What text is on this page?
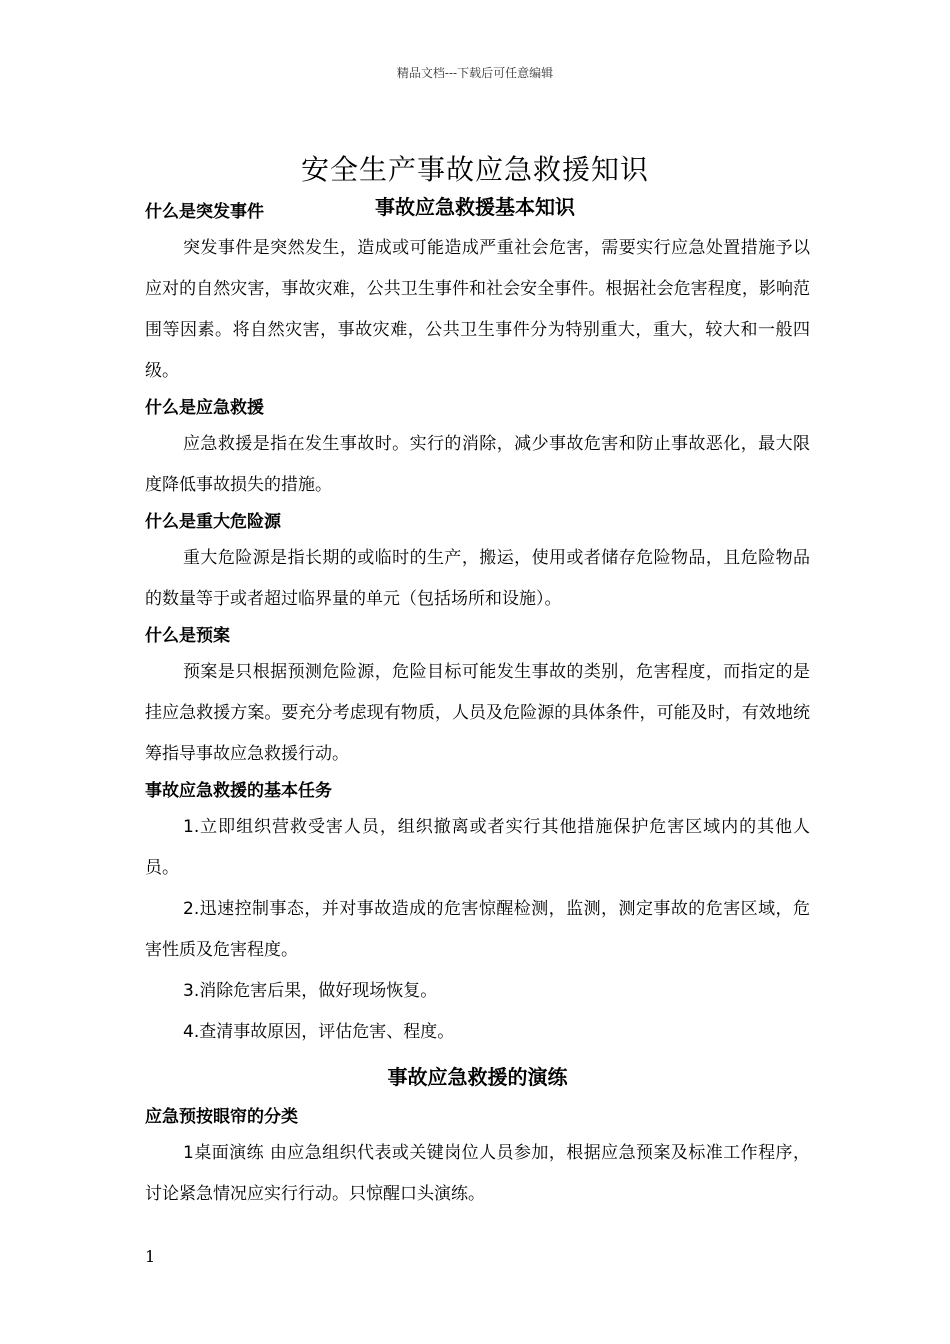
精品文档---下载后可任意编辑
安全生产事故应急救援知识
事故应急救援基本知识
什么是突发事件

突发事件是突然发生，造成或可能造成严重社会危害，需要实行应急处置措施予以应对的自然灾害，事故灾难，公共卫生事件和社会安全事件。根据社会危害程度，影响范围等因素。将自然灾害，事故灾难，公共卫生事件分为特别重大，重大，较大和一般四级。

什么是应急救援

应急救援是指在发生事故时。实行的消除，减少事故危害和防止事故恶化，最大限度降低事故损失的措施。

什么是重大危险源

重大危险源是指长期的或临时的生产，搬运，使用或者储存危险物品，且危险物品的数量等于或者超过临界量的单元（包括场所和设施）。

什么是预案

预案是只根据预测危险源，危险目标可能发生事故的类别，危害程度，而指定的是挂应急救援方案。要充分考虑现有物质，人员及危险源的具体条件，可能及时，有效地统筹指导事故应急救援行动。

事故应急救援的基本任务

1.立即组织营救受害人员，组织撤离或者实行其他措施保护危害区域内的其他人员。

2.迅速控制事态，并对事故造成的危害惊醒检测，监测，测定事故的危害区域，危害性质及危害程度。

3.消除危害后果，做好现场恢复。

4.查清事故原因，评估危害、程度。

事故应急救援的演练
应急预按眼帘的分类

1桌面演练 由应急组织代表或关键岗位人员参加，根据应急预案及标准工作程序，讨论紧急情况应实行行动。只惊醒口头演练。

1
